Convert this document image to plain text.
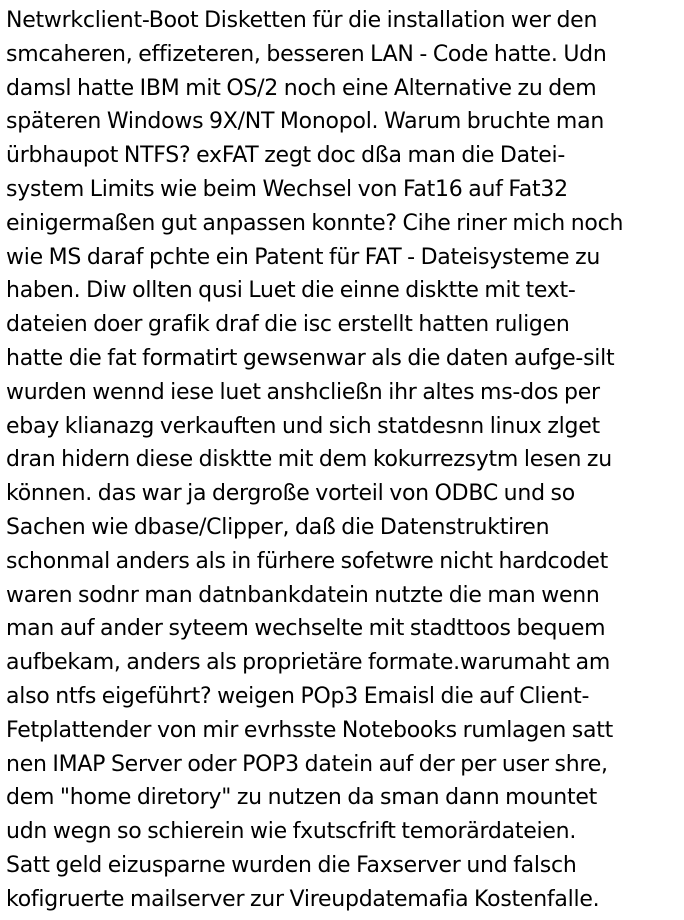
Netwrkclient-Boot Disketten für die installation wer den
smcaheren, effizeteren, besseren LAN - Code hatte. Udn
damsl hatte IBM mit OS/2 noch eine Alternative zu dem
späteren Windows 9X/NT Monopol. Warum bruchte man
ürbhaupot NTFS? exFAT zegt doc dßa man die Datei-
system Limits wie beim Wechsel von Fat16 auf Fat32
einigermaßen gut anpassen konnte? Cihe riner mich noch
wie MS daraf pchte ein Patent für FAT - Dateisysteme zu
haben. Diw ollten qusi Luet die einne disktte mit text-
dateien doer grafik draf die isc erstellt hatten ruligen
hatte die fat formatirt gewsenwar als die daten aufge-silt
wurden wennd iese luet anshcließn ihr altes ms-dos per
ebay klianazg verkauften und sich statdesnn linux zlget
dran hidern diese disktte mit dem kokurrezsytm lesen zu
können. das war ja dergroße vorteil von ODBC und so
Sachen wie dbase/Clipper, daß die Datenstruktiren
schonmal anders als in fürhere sofetwre nicht hardcodet
waren sodnr man datnbankdatein nutzte die man wenn
man auf ander syteem wechselte mit stadttoos bequem
aufbekam, anders als proprietäre formate.warumaht am
also ntfs eigeführt? weigen POp3 Emaisl die auf Client-
Fetplattender von mir evrhsste Notebooks rumlagen satt
nen IMAP Server oder POP3 datein auf der per user shre,
dem "home diretory" zu nutzen da sman dann mountet
udn wegn so schierein wie fxutscfrift temorärdateien.
Satt geld eizusparne wurden die Faxserver und falsch
kofigruerte mailserver zur Vireupdatemafia Kostenfalle.
